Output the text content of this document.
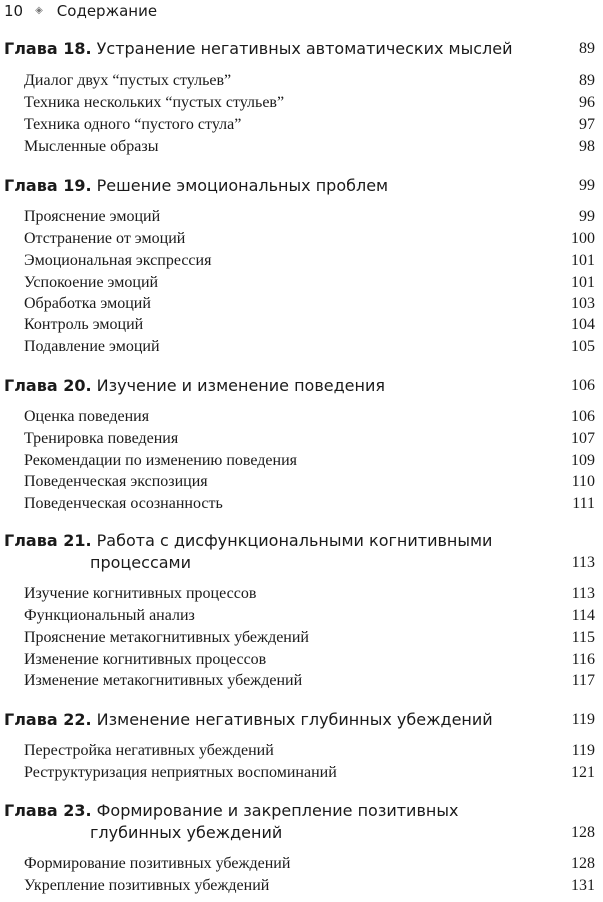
10 ◈ Содержание
Глава 18. Устранение негативных автоматических мыслей	89
Диалог двух “пустых стульев”	89
Техника нескольких “пустых стульев”	96
Техника одного “пустого стула”	97
Мысленные образы	98
Глава 19. Решение эмоциональных проблем	99
Прояснение эмоций	99
Отстранение от эмоций	100
Эмоциональная экспрессия	101
Успокоение эмоций	101
Обработка эмоций	103
Контроль эмоций	104
Подавление эмоций	105
Глава 20. Изучение и изменение поведения	106
Оценка поведения	106
Тренировка поведения	107
Рекомендации по изменению поведения	109
Поведенческая экспозиция	110
Поведенческая осознанность	111
Глава 21. Работа с дисфункциональными когнитивными
процессами	113
Изучение когнитивных процессов	113
Функциональный анализ	114
Прояснение метакогнитивных убеждений	115
Изменение когнитивных процессов	116
Изменение метакогнитивных убеждений	117
Глава 22. Изменение негативных глубинных убеждений	119
Перестройка негативных убеждений	119
Реструктуризация неприятных воспоминаний	121
Глава 23. Формирование и закрепление позитивных
глубинных убеждений	128
Формирование позитивных убеждений	128
Укрепление позитивных убеждений	131
